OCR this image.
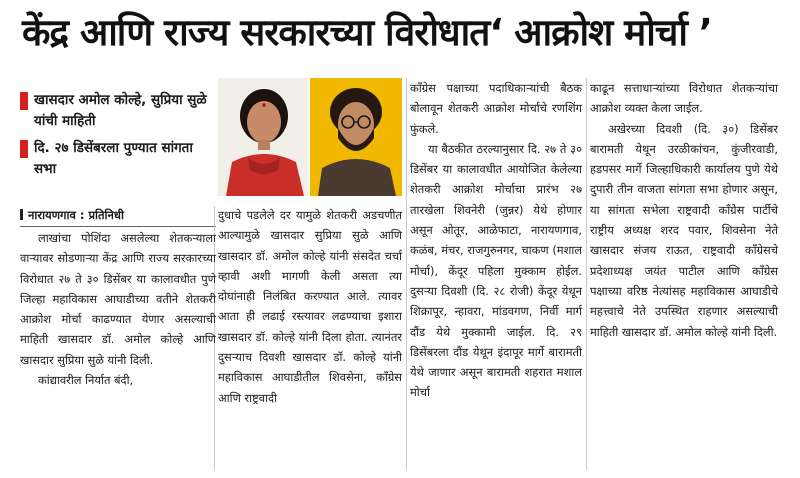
केंद्र आणि राज्य सरकारच्या विरोधात‘ आक्रोश मोर्चा ’
खासदार अमोल कोल्हे, सुप्रिया सुळे यांची माहिती
दि. २७ डिसेंबरला पुण्यात सांगता सभा
नारायणगाव : प्रतिनिधी

लाखांचा पोशिंदा असलेल्या शेतकऱ्याला वाऱ्यावर सोडणाऱ्या केंद्र आणि राज्य सरकारच्या विरोधात २७ ते ३० डिसेंबर या कालावधीत पुणे जिल्हा महाविकास आघाडीच्या वतीने शेतकरी आक्रोश मोर्चा काढण्यात येणार असल्याची माहिती खासदार डॉ. अमोल कोल्हे आणि खासदार सुप्रिया सुळे यांनी दिली.

कांद्यावरील निर्यात बंदी,

दुधाचे पडलेले दर यामुळे शेतकरी अडचणीत आल्यामुळे खासदार सुप्रिया सुळे आणि खासदार डॉ. अमोल कोल्हे यांनी संसदेत चर्चा व्हावी अशी मागणी केली असता त्या दोघांनाही निलंबित करण्यात आले. त्यावर आता ही लढाई रस्त्यावर लढण्याचा इशारा खासदार डॉ. कोल्हे यांनी दिला होता. त्यानंतर दुसऱ्याच दिवशी खासदार डॉ. कोल्हे यांनी महाविकास आघाडीतील शिवसेना, काँग्रेस आणि राष्ट्रवादी

काँग्रेस पक्षाच्या पदाधिकाऱ्यांची बैठक बोलावून शेतकरी आक्रोश मोर्चाचे रणशिंग फुंकले.

या बैठकीत ठरल्यानुसार दि. २७ ते ३० डिसेंबर या कालावधीत आयोजित केलेल्या शेतकरी आक्रोश मोर्चाचा प्रारंभ २७ तारखेला शिवनेरी (जुन्नर) येथे होणार असून ओतूर, आळेफाटा, नारायणगाव, कळंब, मंचर, राजगुरुनगर, चाकण (मशाल मोर्चा), केंदूर पहिला मुक्काम होईल. दुसऱ्या दिवशी (दि. २८ रोजी) केंदूर येथून शिक्रापूर, न्हावरा, मांडवगण, निर्वी मार्ग दौंड येथे मुक्कामी जाईल. दि. २९ डिसेंबरला दौंड येथून इंदापूर मार्गे बारामती येथे जाणार असून बारामती शहरात मशाल मोर्चा

काढून सत्ताधाऱ्यांच्या विरोधात शेतकऱ्यांचा आक्रोश व्यक्त केला जाईल.

अखेरच्या दिवशी (दि. ३०) डिसेंबर बारामती येथून उरळीकांचन, कुंजीरवाडी, हडपसर मार्गे जिल्हाधिकारी कार्यालय पुणे येथे दुपारी तीन वाजता सांगता सभा होणार असून, या सांगता सभेला राष्ट्रवादी काँग्रेस पार्टीचे राष्ट्रीय अध्यक्ष शरद पवार, शिवसेना नेते खासदार संजय राऊत, राष्ट्रवादी काँग्रेसचे प्रदेशाध्यक्ष जयंत पाटील आणि काँग्रेस पक्षाच्या वरिष्ठ नेत्यांसह महाविकास आघाडीचे महत्त्वाचे नेते उपस्थित राहणार असल्याची माहिती खासदार डॉ. अमोल कोल्हे यांनी दिली.
